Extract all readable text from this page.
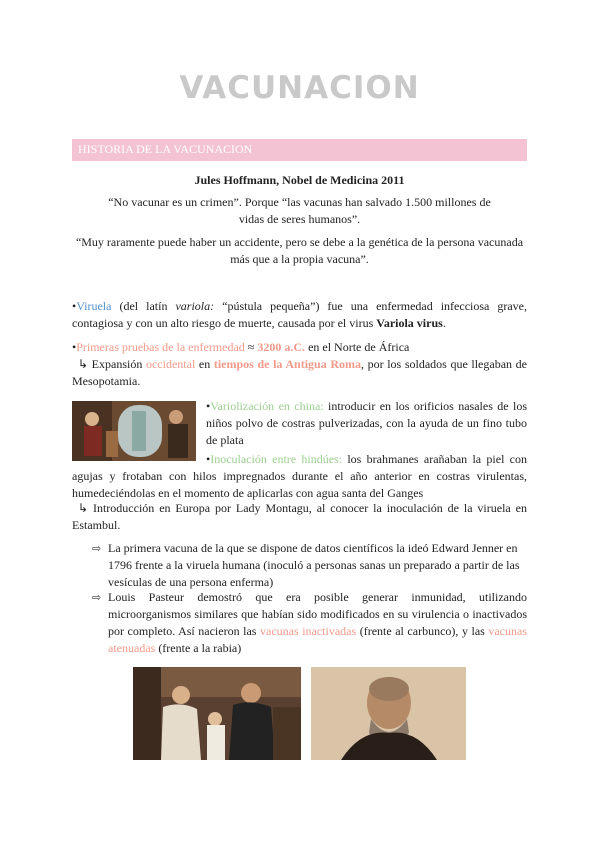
VACUNACION
HISTORIA DE LA VACUNACION
Jules Hoffmann, Nobel de Medicina 2011
“No vacunar es un crimen”. Porque “las vacunas han salvado 1.500 millones de vidas de seres humanos”.
“Muy raramente puede haber un accidente, pero se debe a la genética de la persona vacunada más que a la propia vacuna”.
•Viruela (del latín variola: “pústula pequeña”) fue una enfermedad infecciosa grave, contagiosa y con un alto riesgo de muerte, causada por el virus Variola virus.
•Primeras pruebas de la enfermedad ≈ 3200 a.C. en el Norte de África
↳ Expansión occidental en tiempos de la Antigua Roma, por los soldados que llegaban de Mesopotamia.
•Variolización en china: introducir en los orificios nasales de los niños polvo de costras pulverizadas, con la ayuda de un fino tubo de plata
•Inoculación entre hindúes: los brahmanes arañaban la piel con agujas y frotaban con hilos impregnados durante el año anterior en costras virulentas, humedeciéndolas en el momento de aplicarlas con agua santa del Ganges
↳ Introducción en Europa por Lady Montagu, al conocer la inoculación de la viruela en Estambul.
⇨ La primera vacuna de la que se dispone de datos científicos la ideó Edward Jenner en 1796 frente a la viruela humana (inoculó a personas sanas un preparado a partir de las vesículas de una persona enferma)
⇨ Louis Pasteur demostró que era posible generar inmunidad, utilizando microorganismos similares que habían sido modificados en su virulencia o inactivados por completo. Así nacieron las vacunas inactivadas (frente al carbunco), y las vacunas atenuadas (frente a la rabia)
